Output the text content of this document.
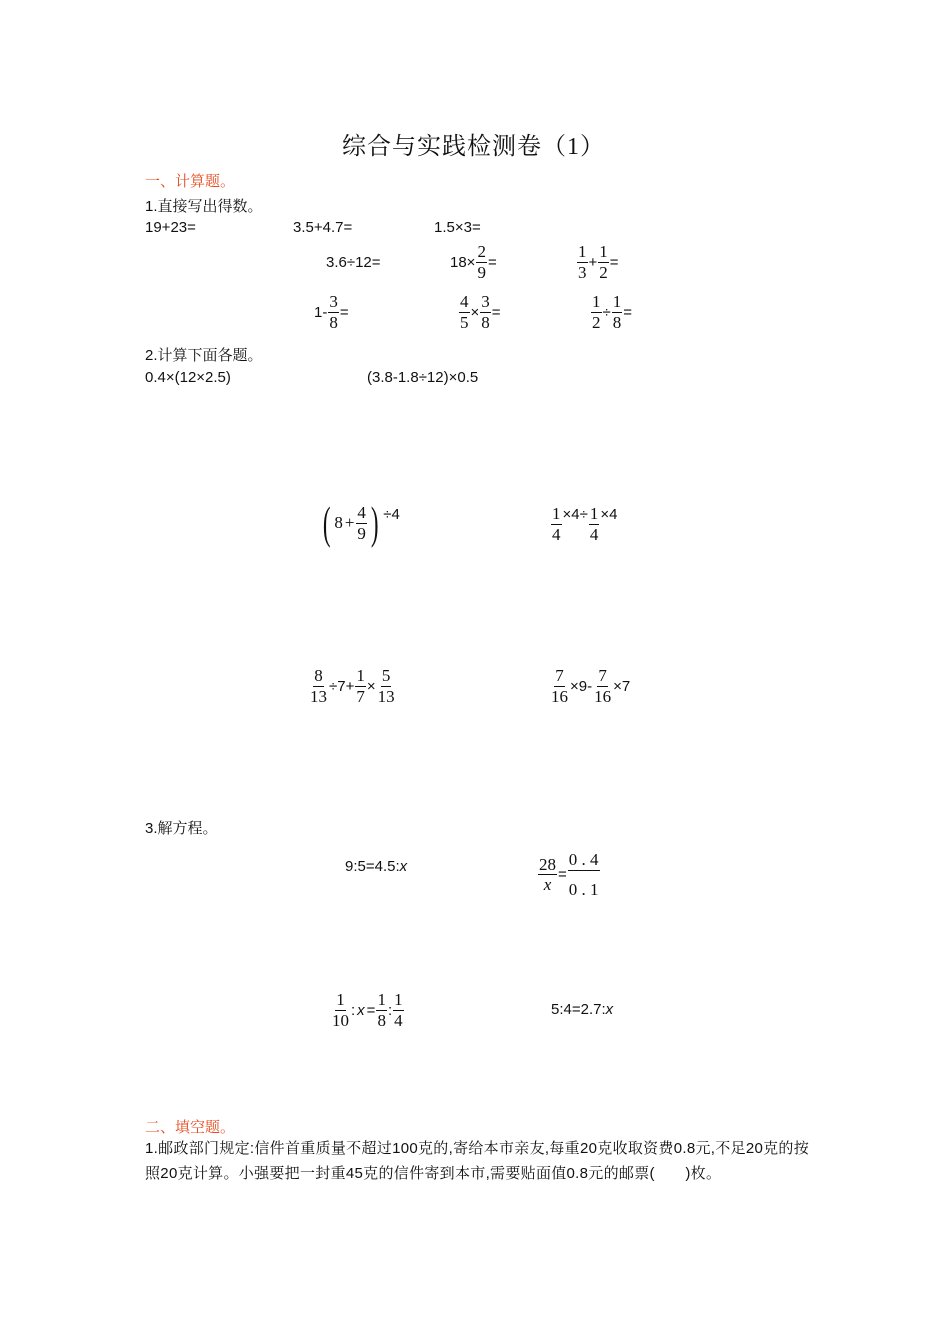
综合与实践检测卷（1）
一、计算题。
1.直接写出得数。
19+23=	3.5+4.7=	1.5×3=
3.6÷12=	$18\times \frac{2}{9}$ =	$\frac{1}{3} + \frac{1}{2}$ =
$1- \frac{3}{8}$ =	$\frac{4}{5} \times \frac{3}{8}$ =	$\frac{1}{2} \div \frac{1}{8}$ =
2.计算下面各题。
0.4×(12×2.5)	(3.8-1.8÷12)×0.5
( $8 + \frac{4}{9}$ ) ÷4	$\frac{1}{4} \times 4\div \frac{1}{4} \times 4$
$\frac{8}{13} \div 7+ \frac{1}{7} \times \frac{5}{13}$	$\frac{7}{16} \times 9- \frac{7}{16} \times 7$
3.解方程。
9:5=4.5:x	$\frac{28}{x} = \frac{0 . 4}{0 . 1}$
$\frac{1}{10}$ : $x = \frac{1}{8}$ : $\frac{1}{4}$	5:4=2.7:x
二、填空题。
1.邮政部门规定:信件首重质量不超过100克的,寄给本市亲友,每重20克收取资费0.8元,不足20克的按照20克计算。小强要把一封重45克的信件寄到本市,需要贴面值0.8元的邮票(　　)枚。
